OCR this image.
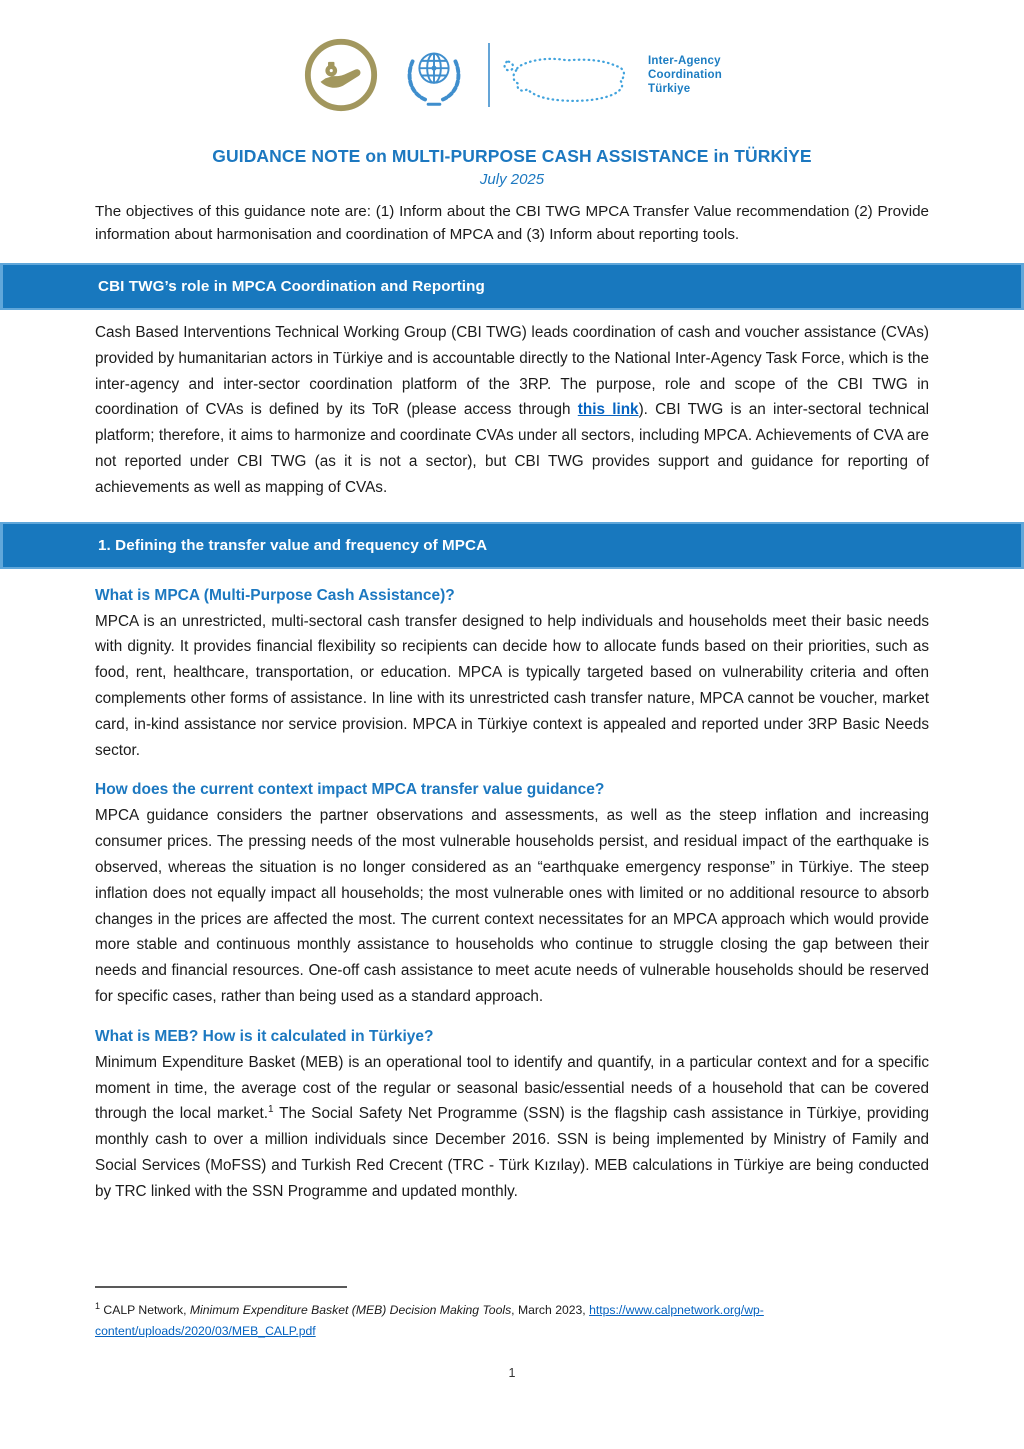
Inter-Agency
Coordination
Türkiye
GUIDANCE NOTE on MULTI-PURPOSE CASH ASSISTANCE in TÜRKİYE
July 2025

The objectives of this guidance note are: (1) Inform about the CBI TWG MPCA Transfer Value recommendation (2) Provide information about harmonisation and coordination of MPCA and (3) Inform about reporting tools.

CBI TWG’s role in MPCA Coordination and Reporting

Cash Based Interventions Technical Working Group (CBI TWG) leads coordination of cash and voucher assistance (CVAs) provided by humanitarian actors in Türkiye and is accountable directly to the National Inter-Agency Task Force, which is the inter-agency and inter-sector coordination platform of the 3RP. The purpose, role and scope of the CBI TWG in coordination of CVAs is defined by its ToR (please access through this link). CBI TWG is an inter-sectoral technical platform; therefore, it aims to harmonize and coordinate CVAs under all sectors, including MPCA. Achievements of CVA are not reported under CBI TWG (as it is not a sector), but CBI TWG provides support and guidance for reporting of achievements as well as mapping of CVAs.

1. Defining the transfer value and frequency of MPCA
What is MPCA (Multi-Purpose Cash Assistance)?

MPCA is an unrestricted, multi-sectoral cash transfer designed to help individuals and households meet their basic needs with dignity. It provides financial flexibility so recipients can decide how to allocate funds based on their priorities, such as food, rent, healthcare, transportation, or education. MPCA is typically targeted based on vulnerability criteria and often complements other forms of assistance. In line with its unrestricted cash transfer nature, MPCA cannot be voucher, market card, in-kind assistance nor service provision. MPCA in Türkiye context is appealed and reported under 3RP Basic Needs sector.

How does the current context impact MPCA transfer value guidance?

MPCA guidance considers the partner observations and assessments, as well as the steep inflation and increasing consumer prices. The pressing needs of the most vulnerable households persist, and residual impact of the earthquake is observed, whereas the situation is no longer considered as an “earthquake emergency response” in Türkiye. The steep inflation does not equally impact all households; the most vulnerable ones with limited or no additional resource to absorb changes in the prices are affected the most. The current context necessitates for an MPCA approach which would provide more stable and continuous monthly assistance to households who continue to struggle closing the gap between their needs and financial resources. One-off cash assistance to meet acute needs of vulnerable households should be reserved for specific cases, rather than being used as a standard approach.

What is MEB? How is it calculated in Türkiye?

Minimum Expenditure Basket (MEB) is an operational tool to identify and quantify, in a particular context and for a specific moment in time, the average cost of the regular or seasonal basic/essential needs of a household that can be covered through the local market.$^1$ The Social Safety Net Programme (SSN) is the flagship cash assistance in Türkiye, providing monthly cash to over a million individuals since December 2016. SSN is being implemented by Ministry of Family and Social Services (MoFSS) and Turkish Red Crecent (TRC - Türk Kızılay). MEB calculations in Türkiye are being conducted by TRC linked with the SSN Programme and updated monthly.

$^1$ CALP Network, Minimum Expenditure Basket (MEB) Decision Making Tools, March 2023, https://www.calpnetwork.org/wp-content/uploads/2020/03/MEB_CALP.pdf

1
